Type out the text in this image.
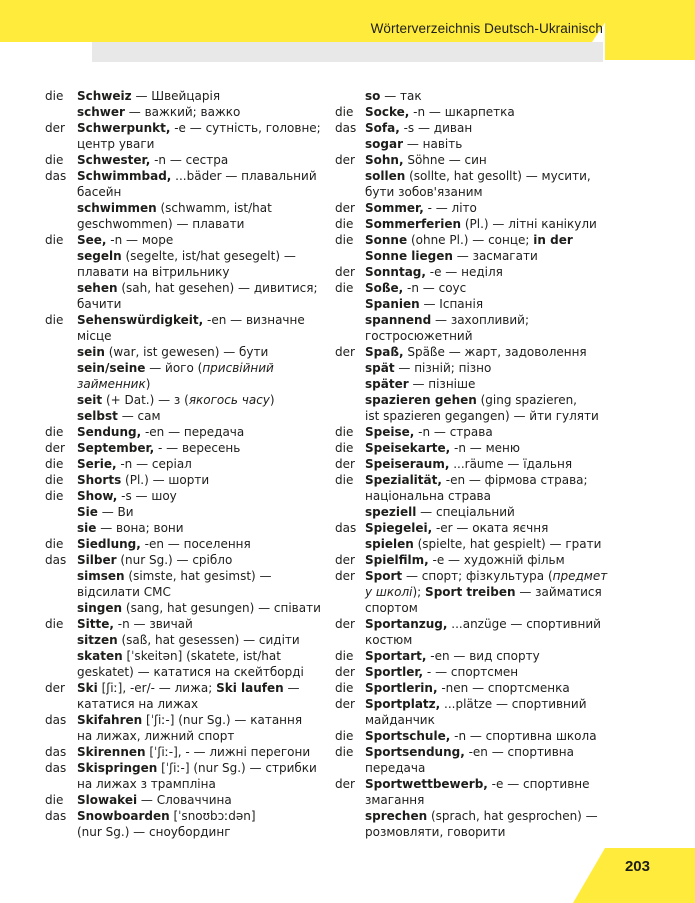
Wörterverzeichnis Deutsch-Ukrainisch
die	Schweiz — Швейцарія
schwer — важкий; важко
der	Schwerpunkt, -e — сутність, головне;
центр уваги
die	Schwester, -n — сестра
das Schwimmbad, ...bäder — плавальний
басейн
schwimmen (schwamm, ist/hat
geschwommen) — плавати
die	See, -n — море
segeln (segelte, ist/hat gesegelt) —
плавати на вітрильнику
sehen (sah, hat gesehen) — дивитися;
бачити
die	Sehenswürdigkeit, -en — визначне
місце
sein (war, ist gewesen) — бути
sein/seine — його (присвійний
займенник)
seit (+ Dat.) — з (якогось часу)
selbst — сам
die	Sendung, -en — передача
der	September, - — вересень
die	Serie, -n — серіал
die	Shorts (Pl.) — шорти
die	Show, -s — шоу
Sie — Ви
sie — вона; вони
die	Siedlung, -en — поселення
das Silber (nur Sg.) — срібло
simsen (simste, hat gesimst) —
відсилати СМС
singen (sang, hat gesungen) — співати
die	Sitte, -n — звичай
sitzen (saß, hat gesessen) — сидіти
skaten [ˈskeitən] (skatete, ist/hat
geskatet) — кататися на скейтборді
der	Ski [ʃiː], -er/- — лижа; Ski laufen —
кататися на лижах
das Skifahren [ˈʃiː-] (nur Sg.) — катання
на лижах, лижний спорт
das Skirennen [ˈʃiː-], - — лижні перегони
das Skispringen [ˈʃiː-] (nur Sg.) — стрибки
на лижах з трампліна
die	Slowakei — Словаччина
das Snowboarden [ˈsnoʊbɔːdən]
(nur Sg.) — сноубординг
so — так
die Socke, -n — шкарпетка
das Sofa, -s — диван
sogar — навіть
der Sohn, Söhne — син
sollen (sollte, hat gesollt) — мусити,
бути зобов'язаним
der Sommer, - — літо
die Sommerferien (Pl.) — літні канікули
die Sonne (ohne Pl.) — сонце; in der
Sonne liegen — засмагати
der Sonntag, -e — неділя
die Soße, -n — соус
Spanien — Іспанія
spannend — захопливий;
гостросюжетний
der Spaß, Späße — жарт, задоволення
spät — пізній; пізно
später — пізніше
spazieren gehen (ging spazieren,
ist spazieren gegangen) — йти гуляти
die Speise, -n — страва
die Speisekarte, -n — меню
der Speiseraum, ...räume — їдальня
die Spezialität, -en — фірмова страва;
національна страва
speziell — спеціальний
das Spiegelei, -er — оката яєчня
spielen (spielte, hat gespielt) — грати
der Spielfilm, -e — художній фільм
der Sport — спорт; фізкультура (предмет
у школі); Sport treiben — займатися
спортом
der Sportanzug, ...anzüge — спортивний
костюм
die Sportart, -en — вид спорту
der Sportler, - — спортсмен
die Sportlerin, -nen — спортсменка
der Sportplatz, ...plätze — спортивний
майданчик
die Sportschule, -n — спортивна школа
die Sportsendung, -en — спортивна
передача
der Sportwettbewerb, -e — спортивне
змагання
sprechen (sprach, hat gesprochen) —
розмовляти, говорити
203
